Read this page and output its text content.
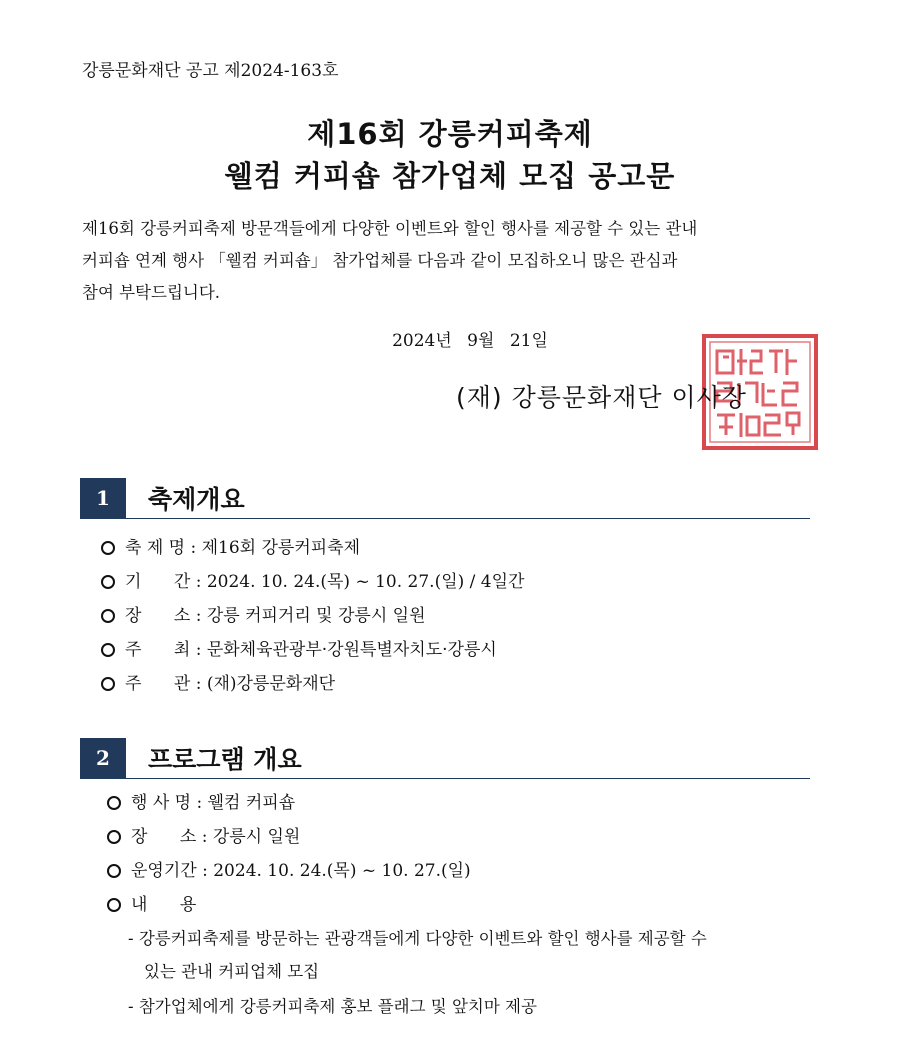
강릉문화재단 공고 제2024-163호
제16회 강릉커피축제
웰컴 커피숍 참가업체 모집 공고문
제16회 강릉커피축제 방문객들에게 다양한 이벤트와 할인 행사를 제공할 수 있는 관내
커피숍 연계 행사 「웰컴 커피숍」 참가업체를 다음과 같이 모집하오니 많은 관심과
참여 부탁드립니다.
2024년 9월 21일
(재) 강릉문화재단 이사장
1	축제개요
축 제 명 : 제16회 강릉커피축제
기      간 : 2024. 10. 24.(목) ~ 10. 27.(일) / 4일간
장      소 : 강릉 커피거리 및 강릉시 일원
주      최 : 문화체육관광부·강원특별자치도·강릉시
주      관 : (재)강릉문화재단
2	프로그램 개요
행 사 명 : 웰컴 커피숍
장      소 : 강릉시 일원
운영기간 : 2024. 10. 24.(목) ~ 10. 27.(일)
내      용
- 강릉커피축제를 방문하는 관광객들에게 다양한 이벤트와 할인 행사를 제공할 수
있는 관내 커피업체 모집
- 참가업체에게 강릉커피축제 홍보 플래그 및 앞치마 제공
